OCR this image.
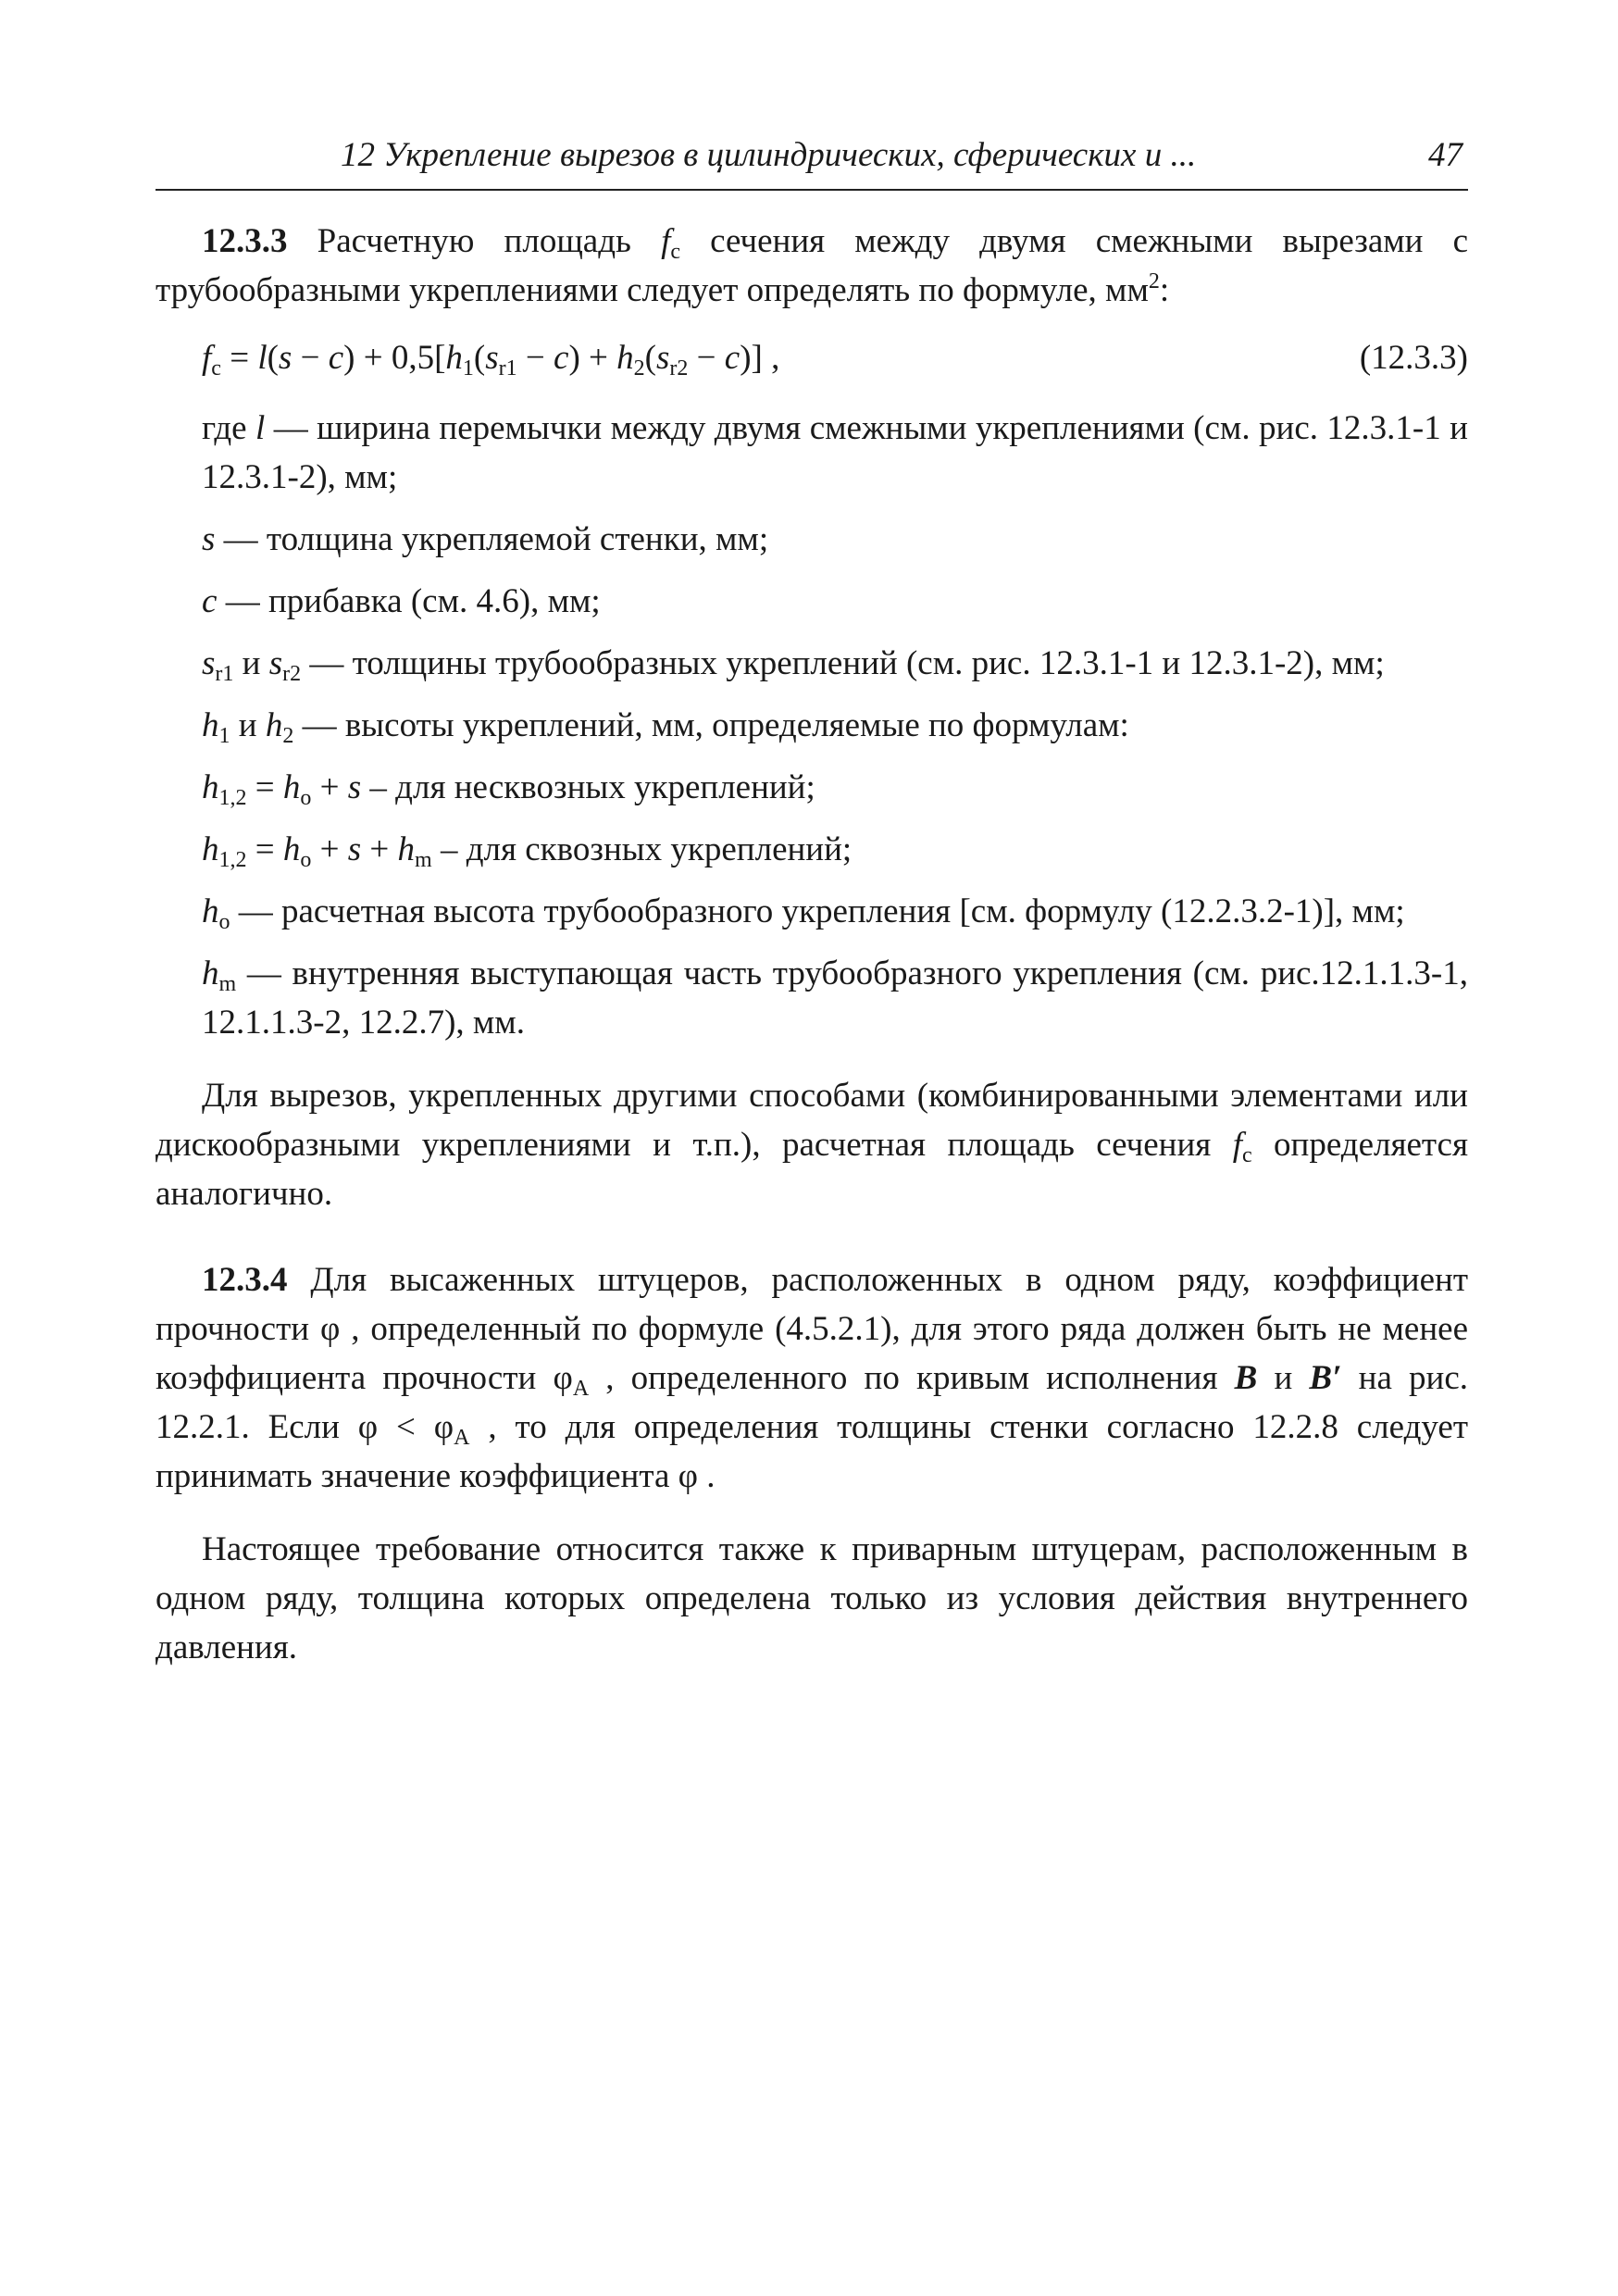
12 Укрепление вырезов в цилиндрических, сферических и ...	47

12.3.3 Расчетную площадь $f_c$ сечения между двумя смежными вырезами с трубообразными укреплениями следует определять по формуле, $мм^2$:

$f_c = l(s - c) + 0,5[h_1(s_{r1} - c) + h_2(s_{r2} - c)]$ ,	(12.3.3)

где l — ширина перемычки между двумя смежными укреплениями (см. рис. 12.3.1-1 и 12.3.1-2), мм;

s — толщина укрепляемой стенки, мм;

c — прибавка (см. 4.6), мм;

$s_{r1}$ и $s_{r2}$ — толщины трубообразных укреплений (см. рис. 12.3.1-1 и 12.3.1-2), мм;

$h_1$ и $h_2$ — высоты укреплений, мм, определяемые по формулам:

$h_{1,2} = h_o + s$ – для несквозных укреплений;

$h_{1,2} = h_o + s + h_m$ – для сквозных укреплений;

$h_o$ — расчетная высота трубообразного укрепления [см. формулу (12.2.3.2-1)], мм;

$h_m$ — внутренняя выступающая часть трубообразного укрепления (см. рис.12.1.1.3-1, 12.1.1.3-2, 12.2.7), мм.

Для вырезов, укрепленных другими способами (комбинированными элементами или дискообразными укреплениями и т.п.), расчетная площадь сечения $f_c$ определяется аналогично.

12.3.4 Для высаженных штуцеров, расположенных в одном ряду, коэффициент прочности φ , определенный по формуле (4.5.2.1), для этого ряда должен быть не менее коэффициента прочности $\varphi_A$ , определенного по кривым исполнения B и B′ на рис. 12.2.1. Если $\varphi < \varphi_A$ , то для определения толщины стенки согласно 12.2.8 следует принимать значение коэффициента φ .

Настоящее требование относится также к приварным штуцерам, расположенным в одном ряду, толщина которых определена только из условия действия внутреннего давления.
